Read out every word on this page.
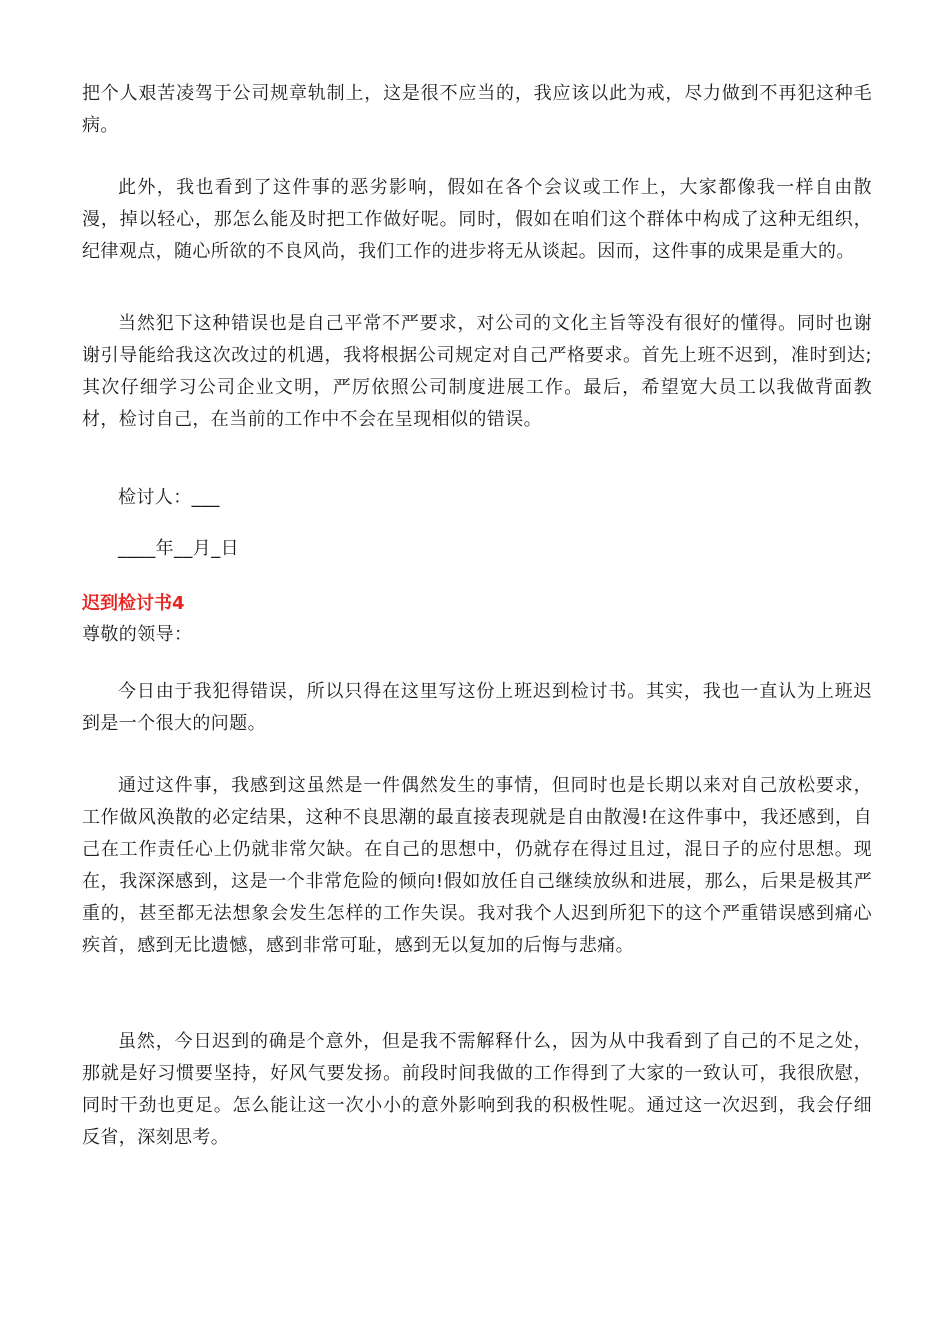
把个人艰苦凌驾于公司规章轨制上，这是很不应当的，我应该以此为戒，尽力做到不再犯这种毛病。

此外，我也看到了这件事的恶劣影响，假如在各个会议或工作上，大家都像我一样自由散漫，掉以轻心，那怎么能及时把工作做好呢。同时，假如在咱们这个群体中构成了这种无组织，纪律观点，随心所欲的不良风尚，我们工作的进步将无从谈起。因而，这件事的成果是重大的。

当然犯下这种错误也是自己平常不严要求，对公司的文化主旨等没有很好的懂得。同时也谢谢引导能给我这次改过的机遇，我将根据公司规定对自己严格要求。首先上班不迟到，准时到达;其次仔细学习公司企业文明，严厉依照公司制度进展工作。最后，希望宽大员工以我做背面教材，检讨自己，在当前的工作中不会在呈现相似的错误。

检讨人：___

____年__月_日

迟到检讨书4

尊敬的领导：

今日由于我犯得错误，所以只得在这里写这份上班迟到检讨书。其实，我也一直认为上班迟到是一个很大的问题。

通过这件事，我感到这虽然是一件偶然发生的事情，但同时也是长期以来对自己放松要求，工作做风涣散的必定结果，这种不良思潮的最直接表现就是自由散漫!在这件事中，我还感到，自己在工作责任心上仍就非常欠缺。在自己的思想中，仍就存在得过且过，混日子的应付思想。现在，我深深感到，这是一个非常危险的倾向!假如放任自己继续放纵和进展，那么，后果是极其严重的，甚至都无法想象会发生怎样的工作失误。我对我个人迟到所犯下的这个严重错误感到痛心疾首，感到无比遗憾，感到非常可耻，感到无以复加的后悔与悲痛。

虽然，今日迟到的确是个意外，但是我不需解释什么，因为从中我看到了自己的不足之处，那就是好习惯要坚持，好风气要发扬。前段时间我做的工作得到了大家的一致认可，我很欣慰，同时干劲也更足。怎么能让这一次小小的意外影响到我的积极性呢。通过这一次迟到，我会仔细反省，深刻思考。
